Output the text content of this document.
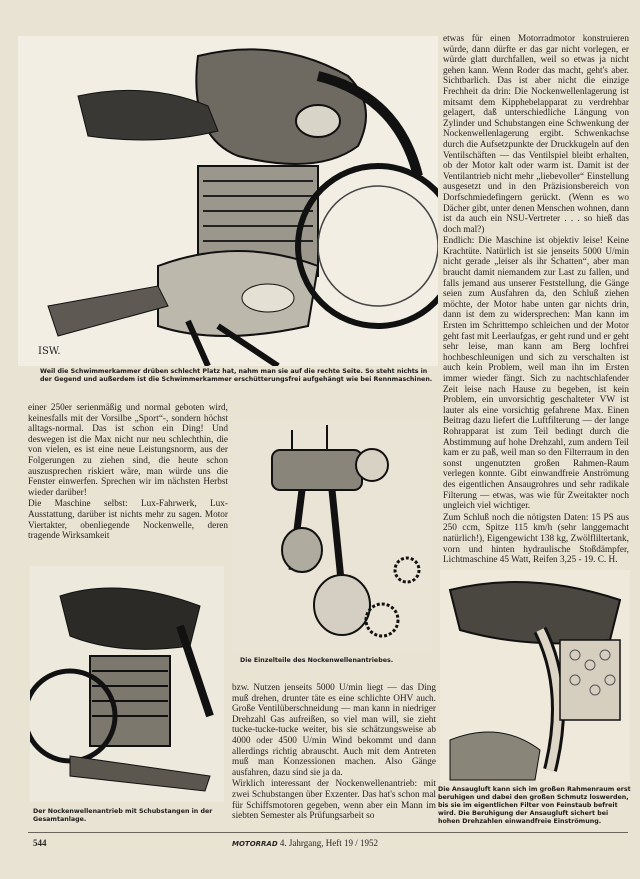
ISW.
Weil die Schwimmerkammer drüben schlecht Platz hat, nahm man sie auf die rechte Seite. So steht nichts in der Gegend und außerdem ist die Schwimmerkammer erschütterungsfrei aufgehängt wie bei Rennmaschinen.

etwas für einen Motorradmotor konstruieren würde, dann dürfte er das gar nicht vorlegen, er würde glatt durchfallen, weil so etwas ja nicht gehen kann. Wenn Roder das macht, geht's aber. Sichtbarlich. Das ist aber nicht die einzige Frechheit da drin: Die Nockenwellenlagerung ist mitsamt dem Kipphebelapparat zu verdrehbar gelagert, daß unterschiedliche Längung von Zylinder und Schubstangen eine Schwenkung der Nockenwellenlagerung ergibt. Schwenkachse durch die Aufsetzpunkte der Druckkugeln auf den Ventilschäften — das Ventilspiel bleibt erhalten, ob der Motor kalt oder warm ist. Damit ist der Ventilantrieb nicht mehr „liebevoller“ Einstellung ausgesetzt und in den Präzisionsbereich von Dorfschmiedefingern gerückt. (Wenn es wo Dächer gibt, unter denen Menschen wohnen, dann ist da auch ein NSU-Vertreter . . . so hieß das doch mal?)

Endlich: Die Maschine ist objektiv leise! Keine Krachtüte. Natürlich ist sie jenseits 5000 U/min nicht gerade „leiser als ihr Schatten“, aber man braucht damit niemandem zur Last zu fallen, und falls jemand aus unserer Feststellung, die Gänge seien zum Ausfahren da, den Schluß ziehen möchte, der Motor habe unten gar nichts drin, dann ist dem zu widersprechen: Man kann im Ersten im Schrittempo schleichen und der Motor geht fast mit Leerlaufgas, er geht rund und er geht sehr leise, man kann am Berg lochfrei hochbeschleunigen und sich zu verschalten ist auch kein Problem, weil man ihn im Ersten immer wieder fängt. Sich zu nachtschlafender Zeit leise nach Hause zu begeben, ist kein Problem, ein unvorsichtig geschalteter VW ist lauter als eine vorsichtig gefahrene Max. Einen Beitrag dazu liefert die Luftfilterung — der lange Rohrapparat ist zum Teil bedingt durch die Abstimmung auf hohe Drehzahl, zum andern Teil kam er zu paß, weil man so den Filterraum in den sonst ungenutzten großen Rahmen-Raum verlegen konnte. Gibt einwandfreie Anströmung des eigentlichen Ansaugrohres und sehr radikale Filterung — etwas, was wie für Zweitakter noch ungleich viel wichtiger.

Zum Schluß noch die nötigsten Daten: 15 PS aus 250 ccm, Spitze 115 km/h (sehr langgemacht natürlich!), Eigengewicht 138 kg, Zwölfliltertank, vorn und hinten hydraulische Stoßdämpfer, Lichtmaschine 45 Watt, Reifen 3,25 - 19. C. H.

einer 250er serienmäßig und normal geboten wird, keinesfalls mit der Vorsilbe „Sport“-, sondern höchst alltags-normal. Das ist schon ein Ding! Und deswegen ist die Max nicht nur neu schlechthin, die von vielen, es ist eine neue Leistungsnorm, aus der Folgerungen zu ziehen sind, die heute schon auszusprechen riskiert wäre, man würde uns die Fenster einwerfen. Sprechen wir im nächsten Herbst wieder darüber!

Die Maschine selbst: Lux-Fahrwerk, Lux-Ausstattung, darüber ist nichts mehr zu sagen. Motor Viertakter, obenliegende Nockenwelle, deren tragende Wirksamkeit

Die Einzelteile des Nockenwellenantriebes.

bzw. Nutzen jenseits 5000 U/min liegt — das Ding muß drehen, drunter täte es eine schlichte OHV auch. Große Ventilüberschneidung — man kann in niedriger Drehzahl Gas aufreißen, so viel man will, sie zieht tucke-tucke-tucke weiter, bis sie schätzungsweise ab 4000 oder 4500 U/min Wind bekommt und dann allerdings richtig abrauscht. Auch mit dem Antreten muß man Konzessionen machen. Also Gänge ausfahren, dazu sind sie ja da.

Wirklich interessant der Nockenwellenantrieb: mit zwei Schubstangen über Exzenter. Das hat's schon mal für Schiffsmotoren gegeben, wenn aber ein Mann im siebten Semester als Prüfungsarbeit so

Der Nockenwellenantrieb mit Schubstangen in der Gesamtanlage.
Die Ansaugluft kann sich im großen Rahmenraum erst beruhigen und dabei den großen Schmutz loswerden, bis sie im eigentlichen Filter von Feinstaub befreit wird. Die Beruhigung der Ansaugluft sichert bei hohen Drehzahlen einwandfreie Einströmung.
544	MOTORRAD 4. Jahrgang, Heft 19 / 1952
